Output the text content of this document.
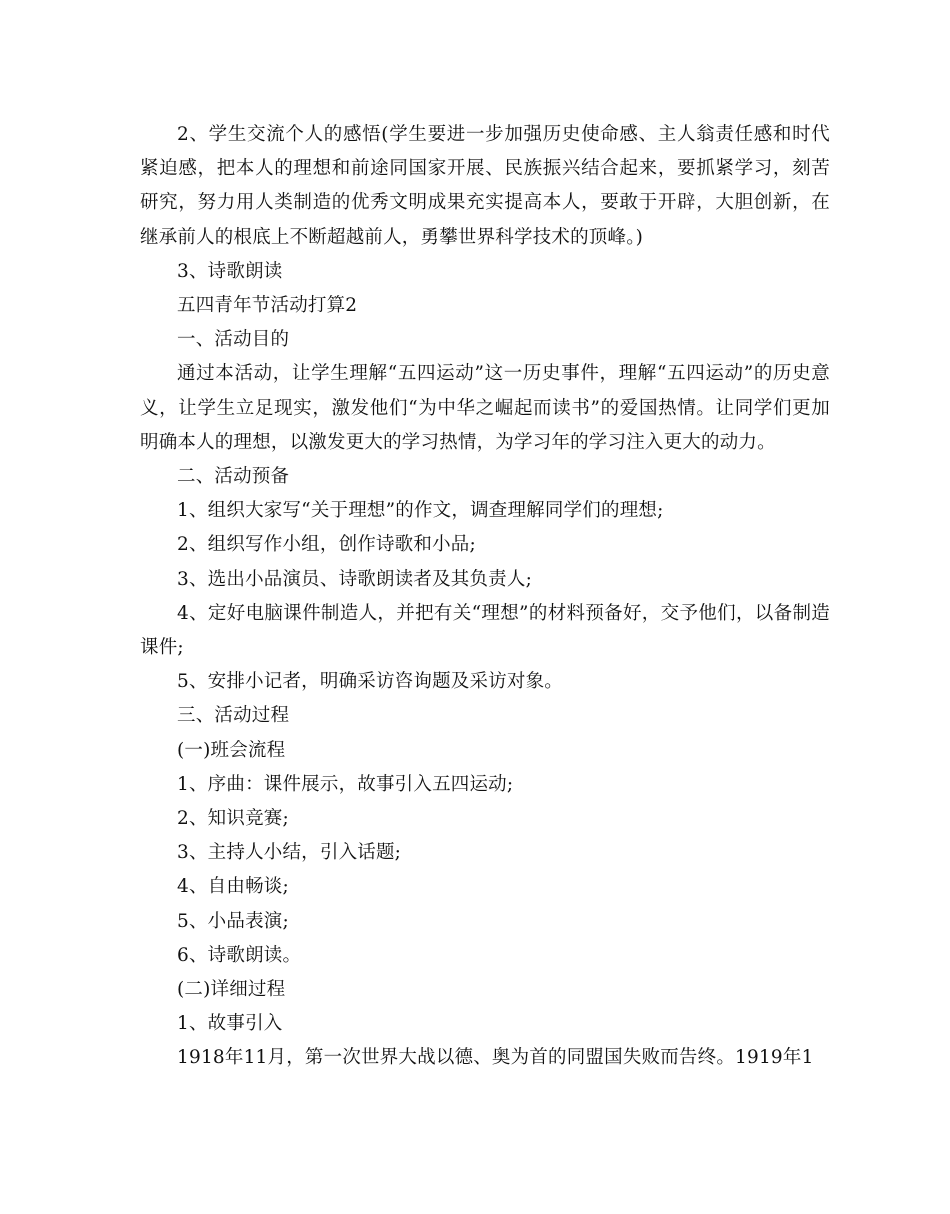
2、学生交流个人的感悟(学生要进一步加强历史使命感、主人翁责任感和时代紧迫感，把本人的理想和前途同国家开展、民族振兴结合起来，要抓紧学习，刻苦研究，努力用人类制造的优秀文明成果充实提高本人，要敢于开辟，大胆创新，在继承前人的根底上不断超越前人，勇攀世界科学技术的顶峰。)

3、诗歌朗读

五四青年节活动打算2

一、活动目的

通过本活动，让学生理解“五四运动”这一历史事件，理解“五四运动”的历史意义，让学生立足现实，激发他们“为中华之崛起而读书”的爱国热情。让同学们更加明确本人的理想，以激发更大的学习热情，为学习年的学习注入更大的动力。

二、活动预备

1、组织大家写“关于理想”的作文，调查理解同学们的理想;

2、组织写作小组，创作诗歌和小品;

3、选出小品演员、诗歌朗读者及其负责人;

4、定好电脑课件制造人，并把有关“理想”的材料预备好，交予他们，以备制造课件;

5、安排小记者，明确采访咨询题及采访对象。

三、活动过程

(一)班会流程

1、序曲：课件展示，故事引入五四运动;

2、知识竞赛;

3、主持人小结，引入话题;

4、自由畅谈;

5、小品表演;

6、诗歌朗读。

(二)详细过程

1、故事引入

1918年11月，第一次世界大战以德、奥为首的同盟国失败而告终。1919年1
